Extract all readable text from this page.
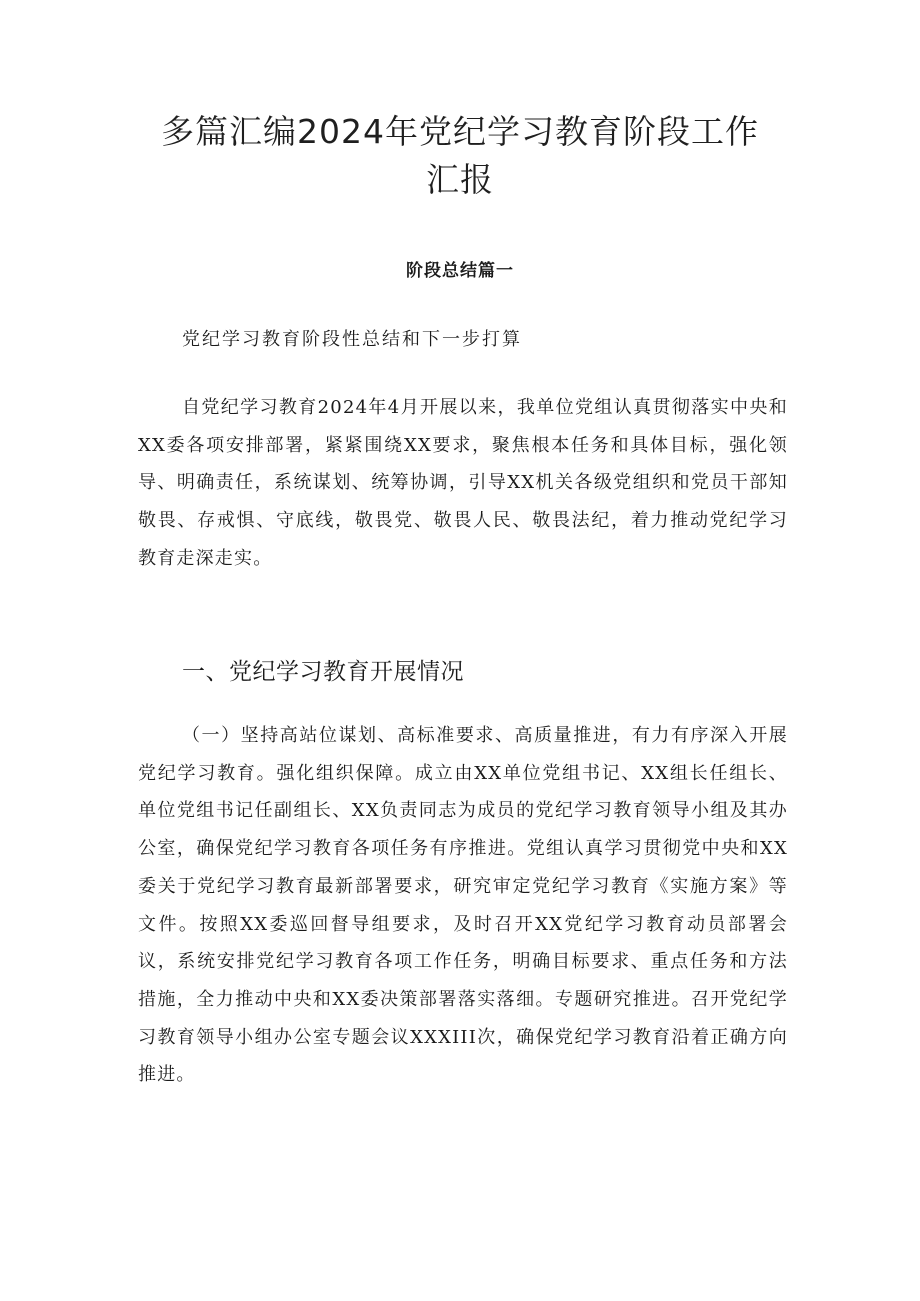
多篇汇编2024年党纪学习教育阶段工作汇报
阶段总结篇一

党纪学习教育阶段性总结和下一步打算

自党纪学习教育2024年4月开展以来，我单位党组认真贯彻落实中央和XX委各项安排部署，紧紧围绕XX要求，聚焦根本任务和具体目标，强化领导、明确责任，系统谋划、统筹协调，引导XX机关各级党组织和党员干部知敬畏、存戒惧、守底线，敬畏党、敬畏人民、敬畏法纪，着力推动党纪学习教育走深走实。

一、党纪学习教育开展情况

（一）坚持高站位谋划、高标准要求、高质量推进，有力有序深入开展党纪学习教育。强化组织保障。成立由XX单位党组书记、XX组长任组长、单位党组书记任副组长、XX负责同志为成员的党纪学习教育领导小组及其办公室，确保党纪学习教育各项任务有序推进。党组认真学习贯彻党中央和XX委关于党纪学习教育最新部署要求，研究审定党纪学习教育《实施方案》等文件。按照XX委巡回督导组要求，及时召开XX党纪学习教育动员部署会议，系统安排党纪学习教育各项工作任务，明确目标要求、重点任务和方法措施，全力推动中央和XX委决策部署落实落细。专题研究推进。召开党纪学习教育领导小组办公室专题会议XXXIII次，确保党纪学习教育沿着正确方向推进。
